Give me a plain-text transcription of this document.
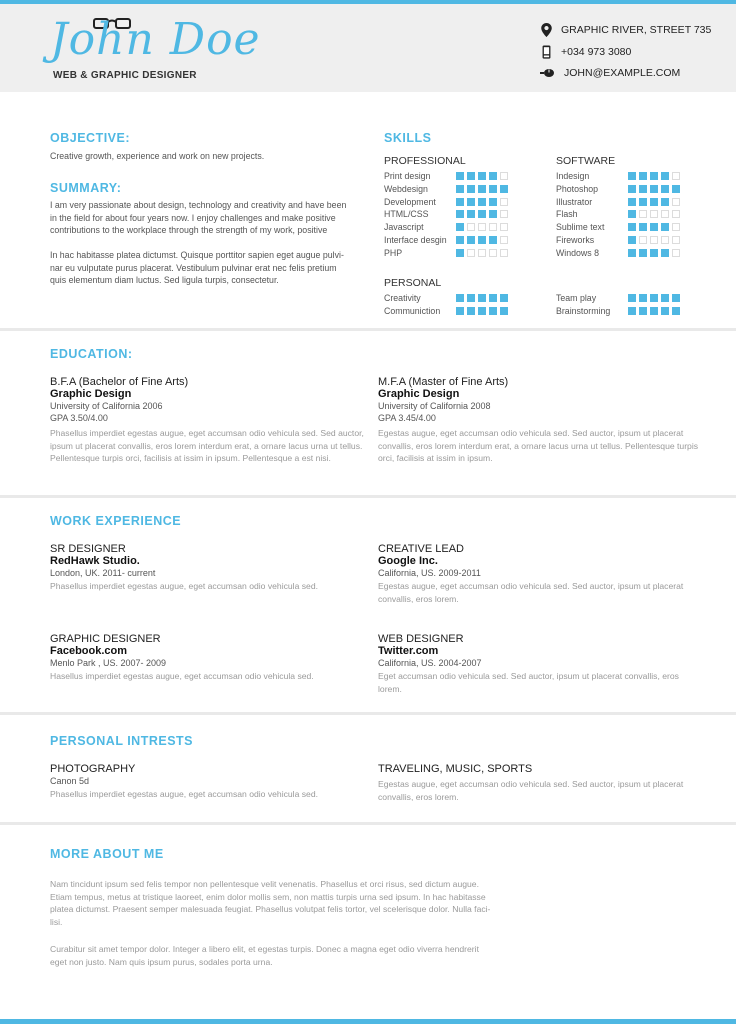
John Doe
WEB & GRAPHIC DESIGNER
GRAPHIC RIVER, STREET 735
+034 973 3080
JOHN@EXAMPLE.COM
OBJECTIVE:
Creative growth, experience and work on new projects.
SUMMARY:
I am very passionate about design, technology and creativity and have been
in the field for about four years now. I enjoy challenges and make positive
contributions to the workplace through the strength of my work, positive
In hac habitasse platea dictumst. Quisque porttitor sapien eget augue pulvi-
nar eu vulputate purus placerat. Vestibulum pulvinar erat nec felis pretium
quis elementum diam luctus. Sed ligula turpis, consectetur.
SKILLS
PROFESSIONAL	SOFTWARE
PERSONAL
Print design
Webdesign
Development
HTML/CSS
Javascript
Interface desgin
PHP
Indesign
Photoshop
Illustrator
Flash
Sublime text
Fireworks
Windows 8
Creativity
Communiction
Team play
Brainstorming
EDUCATION:
B.F.A (Bachelor of Fine Arts)
Graphic Design
University of California 2006
GPA 3.50/4.00
Phasellus imperdiet egestas augue, eget accumsan odio vehicula sed. Sed auctor,
ipsum ut placerat convallis, eros lorem interdum erat, a ornare lacus urna ut tellus.
Pellentesque turpis orci, facilisis at issim in ipsum. Pellentesque a est nisi.
M.F.A (Master of Fine Arts)
Graphic Design
University of California 2008
GPA 3.45/4.00
Egestas augue, eget accumsan odio vehicula sed. Sed auctor, ipsum ut placerat
convallis, eros lorem interdum erat, a ornare lacus urna ut tellus. Pellentesque turpis
orci, facilisis at issim in ipsum.
WORK EXPERIENCE
SR DESIGNER
RedHawk Studio.
London, UK. 2011- current
Phasellus imperdiet egestas augue, eget accumsan odio vehicula sed.
CREATIVE LEAD
Google Inc.
California, US. 2009-2011
Egestas augue, eget accumsan odio vehicula sed. Sed auctor, ipsum ut placerat
convallis, eros lorem.
GRAPHIC DESIGNER
Facebook.com
Menlo Park , US. 2007- 2009
Hasellus imperdiet egestas augue, eget accumsan odio vehicula sed.
WEB DESIGNER
Twitter.com
California, US. 2004-2007
Eget accumsan odio vehicula sed. Sed auctor, ipsum ut placerat convallis, eros
lorem.
PERSONAL INTRESTS
PHOTOGRAPHY
Canon 5d
Phasellus imperdiet egestas augue, eget accumsan odio vehicula sed.
TRAVELING, MUSIC, SPORTS
Egestas augue, eget accumsan odio vehicula sed. Sed auctor, ipsum ut placerat
convallis, eros lorem.
MORE ABOUT ME
Nam tincidunt ipsum sed felis tempor non pellentesque velit venenatis. Phasellus et orci risus, sed dictum augue.
Etiam tempus, metus at tristique laoreet, enim dolor mollis sem, non mattis turpis urna sed ipsum. In hac habitasse
platea dictumst. Praesent semper malesuada feugiat. Phasellus volutpat felis tortor, vel scelerisque dolor. Nulla faci-
lisi.
Curabitur sit amet tempor dolor. Integer a libero elit, et egestas turpis. Donec a magna eget odio viverra hendrerit
eget non justo. Nam quis ipsum purus, sodales porta urna.
